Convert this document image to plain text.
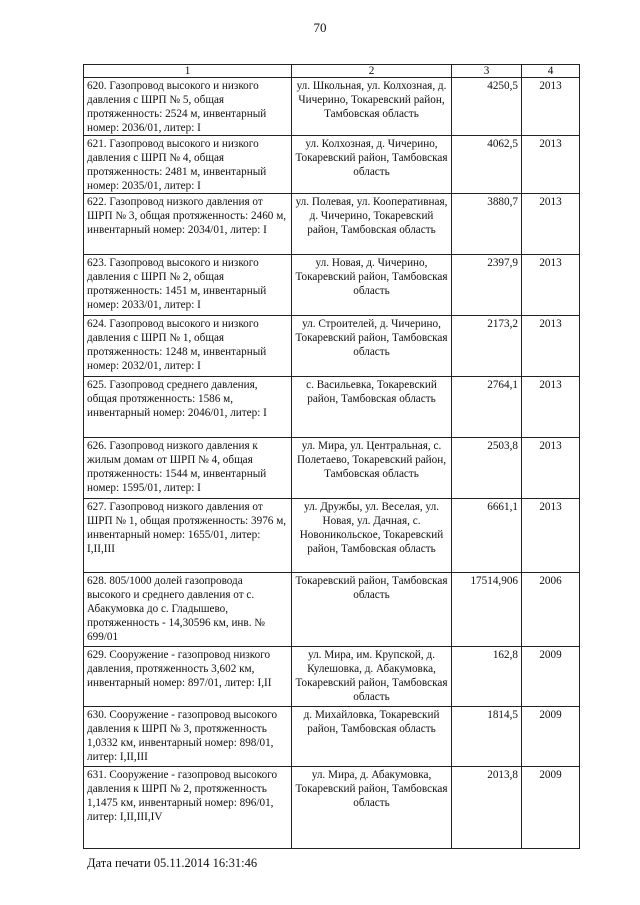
70
1	2	3	4
620. Газопровод высокого и низкого давления с ШРП № 5, общая протяженность: 2524 м, инвентарный номер: 2036/01, литер: I	ул. Школьная, ул. Колхозная, д. Чичерино, Токаревский район, Тамбовская область	4250,5	2013
621. Газопровод высокого и низкого давления с ШРП № 4, общая протяженность: 2481 м, инвентарный номер: 2035/01, литер: I	ул. Колхозная, д. Чичерино, Токаревский район, Тамбовская область	4062,5	2013
622. Газопровод низкого давления от ШРП № 3, общая протяженность: 2460 м, инвентарный номер: 2034/01, литер: I	ул. Полевая, ул. Кооперативная, д. Чичерино, Токаревский район, Тамбовская область	3880,7	2013
623. Газопровод высокого и низкого давления с ШРП № 2, общая протяженность: 1451 м, инвентарный номер: 2033/01, литер: I	ул. Новая, д. Чичерино, Токаревский район, Тамбовская область	2397,9	2013
624. Газопровод высокого и низкого давления с ШРП № 1, общая протяженность: 1248 м, инвентарный номер: 2032/01, литер: I	ул. Строителей, д. Чичерино, Токаревский район, Тамбовская область	2173,2	2013
625. Газопровод среднего давления, общая протяженность: 1586 м, инвентарный номер: 2046/01, литер: I	с. Васильевка, Токаревский район, Тамбовская область	2764,1	2013
626. Газопровод низкого давления к жилым домам от ШРП № 4, общая протяженность: 1544 м, инвентарный номер: 1595/01, литер: I	ул. Мира, ул. Центральная, с. Полетаево, Токаревский район, Тамбовская область	2503,8	2013
627. Газопровод низкого давления от ШРП № 1, общая протяженность: 3976 м, инвентарный номер: 1655/01, литер: I,II,III	ул. Дружбы, ул. Веселая, ул. Новая, ул. Дачная, с. Новоникольское, Токаревский район, Тамбовская область	6661,1	2013
628. 805/1000 долей газопровода высокого и среднего давления от с. Абакумовка до с. Гладышево, протяженность - 14,30596 км, инв. № 699/01	Токаревский район, Тамбовская область	17514,906	2006
629. Сооружение - газопровод низкого давления, протяженность 3,602 км, инвентарный номер: 897/01, литер: I,II	ул. Мира, им. Крупской, д. Кулешовка, д. Абакумовка, Токаревский район, Тамбовская область	162,8	2009
630. Сооружение - газопровод высокого давления к ШРП № 3, протяженность 1,0332 км, инвентарный номер: 898/01, литер: I,II,III	д. Михайловка, Токаревский район, Тамбовская область	1814,5	2009
631. Сооружение - газопровод высокого давления к ШРП № 2, протяженность 1,1475 км, инвентарный номер: 896/01, литер: I,II,III,IV	ул. Мира, д. Абакумовка, Токаревский район, Тамбовская область	2013,8	2009
Дата печати 05.11.2014 16:31:46
